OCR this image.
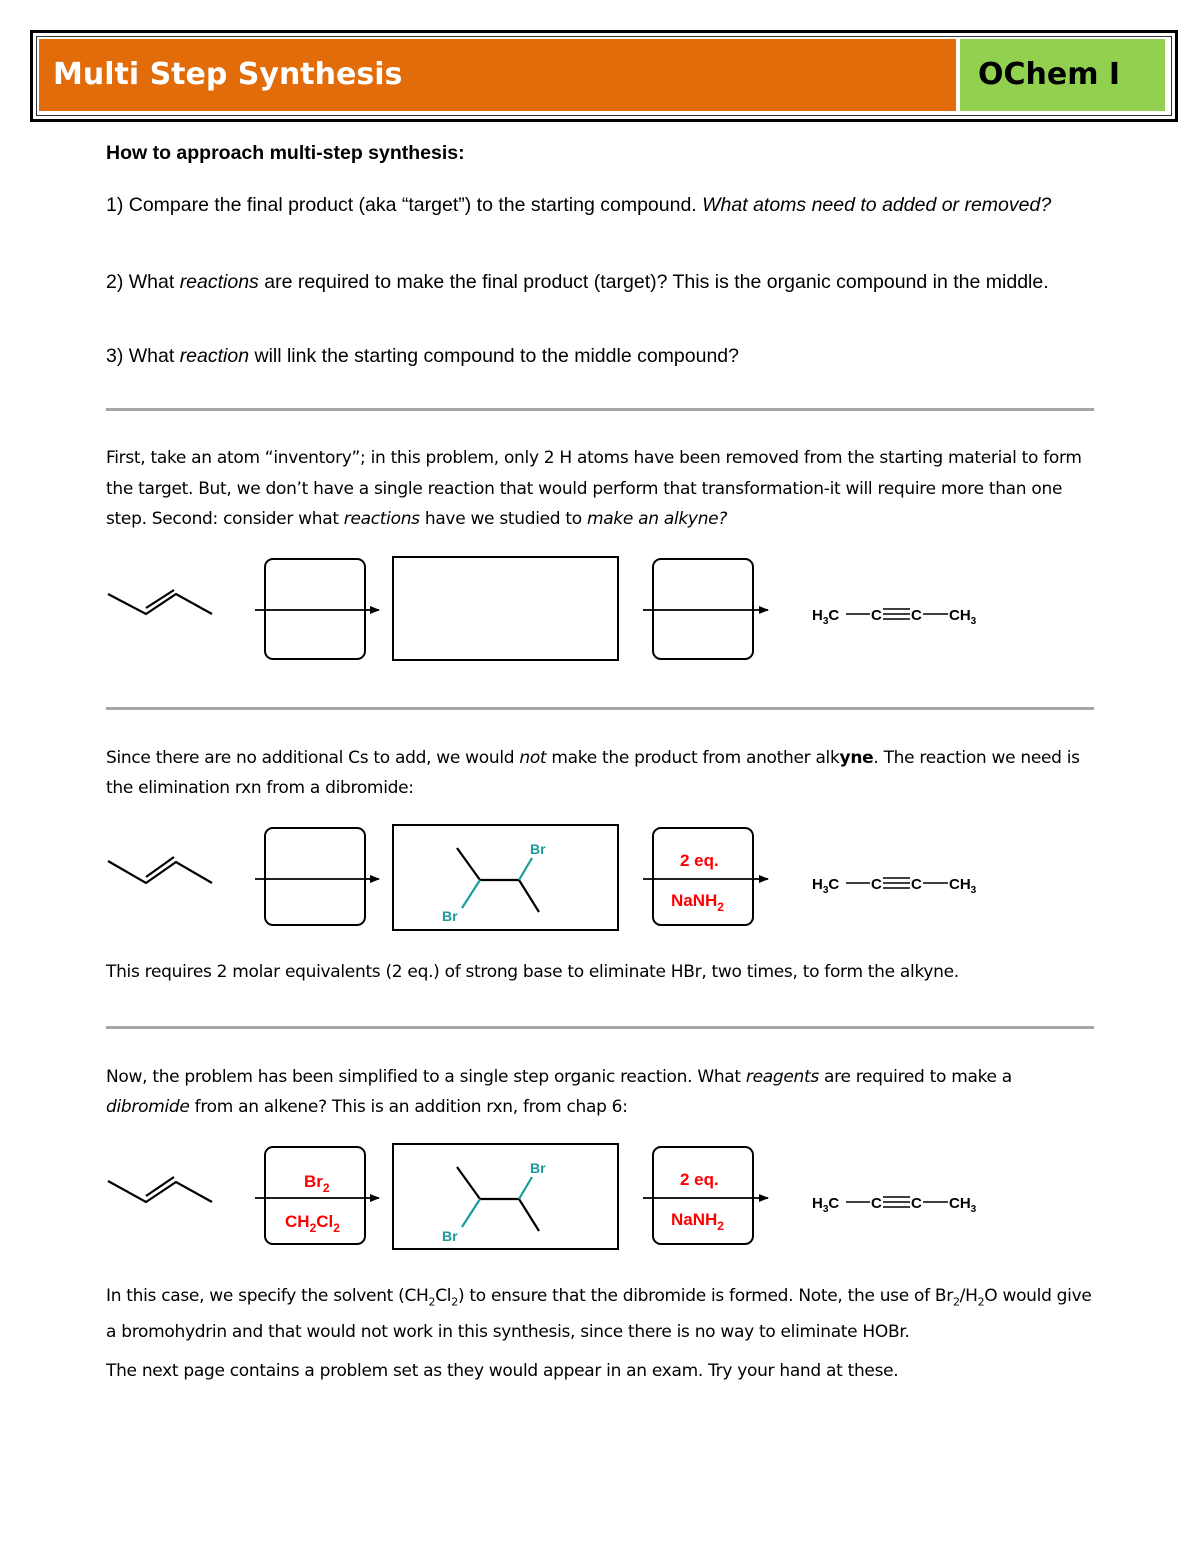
Multi Step Synthesis	OChem I

How to approach multi-step synthesis:

1) Compare the final product (aka “target”) to the starting compound. What atoms need to added or removed?

2) What reactions are required to make the final product (target)? This is the organic compound in the middle.

3) What reaction will link the starting compound to the middle compound?

First, take an atom “inventory”; in this problem, only 2 H atoms have been removed from the starting material to form the target. But, we don’t have a single reaction that would perform that transformation-it will require more than one step. Second: consider what reactions have we studied to make an alkyne?

Since there are no additional Cs to add, we would not make the product from another alkyne. The reaction we need is the elimination rxn from a dibromide:

This requires 2 molar equivalents (2 eq.) of strong base to eliminate HBr, two times, to form the alkyne.

Now, the problem has been simplified to a single step organic reaction. What reagents are required to make a dibromide from an alkene? This is an addition rxn, from chap 6:

In this case, we specify the solvent $(CH_2Cl_2)$ to ensure that the dibromide is formed. Note, the use of $Br_2/H_2O$ would give a bromohydrin and that would not work in this synthesis, since there is no way to eliminate HOBr.

The next page contains a problem set as they would appear in an exam. Try your hand at these.

$H_3C$ C C $CH_3$
Br
Br
2 eq.
NaNH$_2$
$H_3C$ C C $CH_3$
$Br_2$
$CH_2Cl_2$
Br
Br
2 eq.
NaNH$_2$
$H_3C$ C C $CH_3$
